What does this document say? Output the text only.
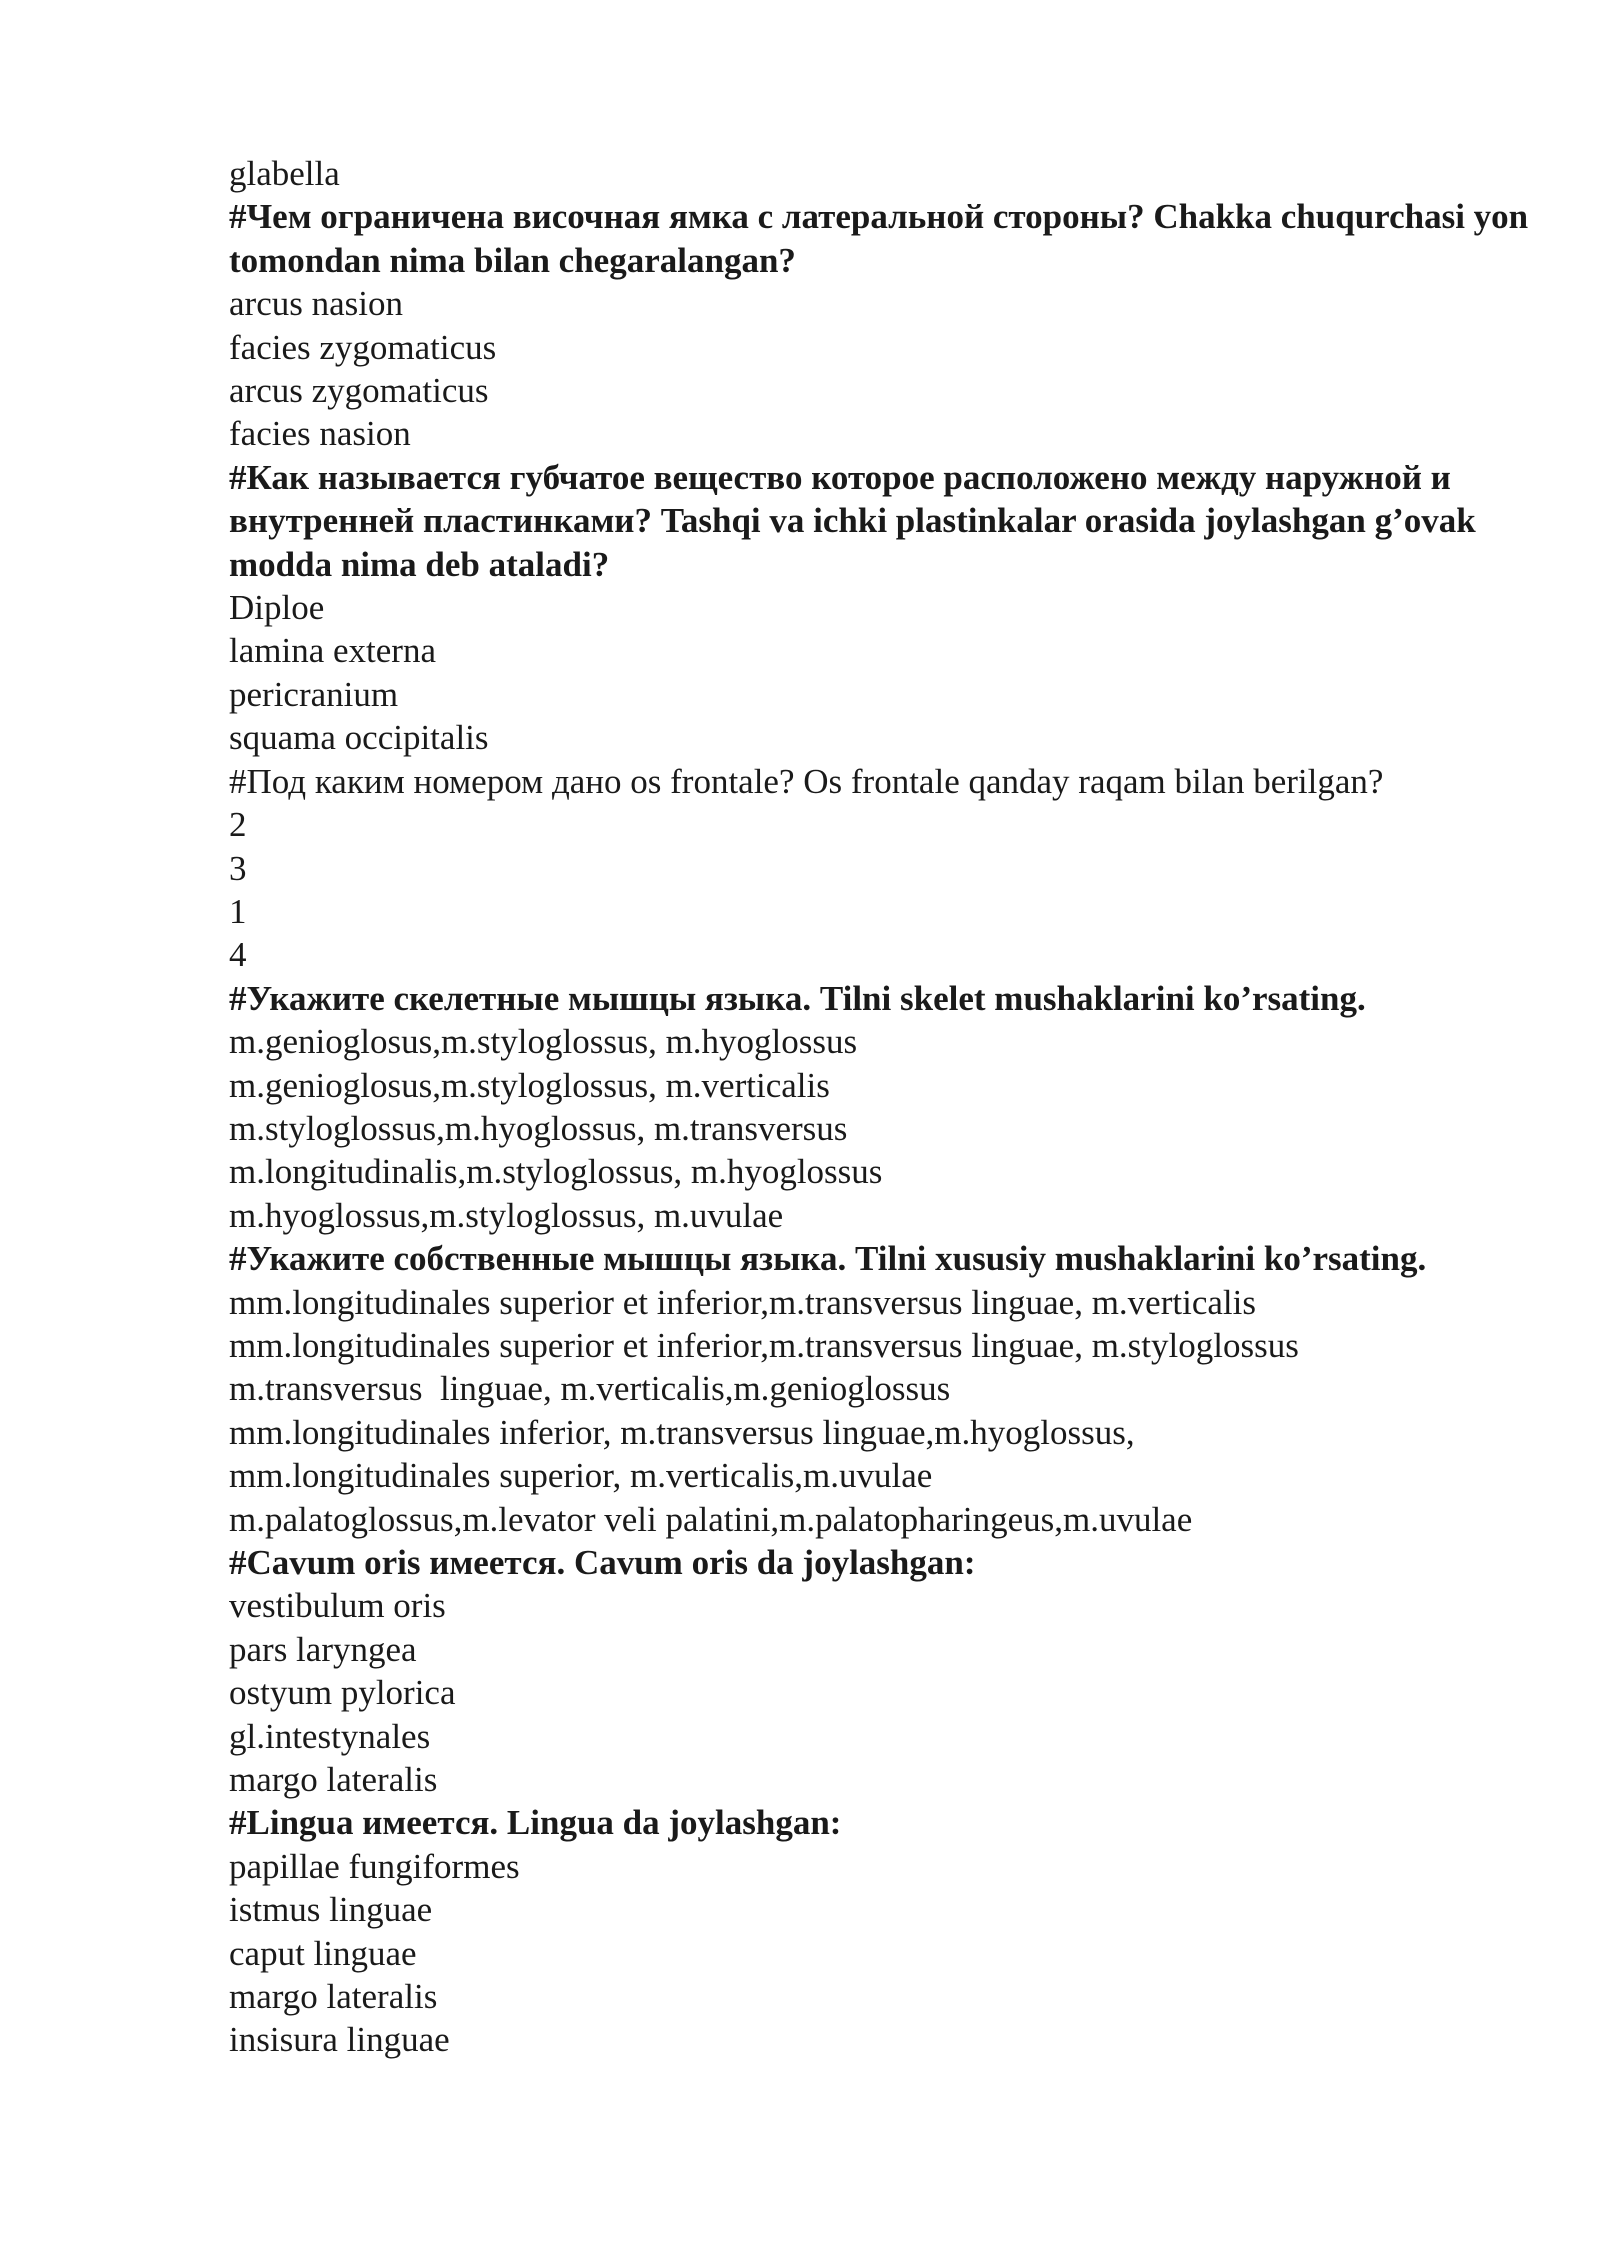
glabella
#Чем ограничена височная ямка с латеральной стороны? Chakka chuqurchasi yon tomondan nima bilan chegaralangan?
arcus nasion
facies zygomaticus
arcus zygomaticus
facies nasion
#Как называется губчатое вещество которое расположено между наружной и внутренней пластинками? Tashqi va ichki plastinkalar orasida joylashgan g’ovak modda nima deb ataladi?
Diploe
lamina externa
pericranium
squama occipitalis
#Под каким номером дано os frontale? Os frontale qanday raqam bilan berilgan?
2
3
1
4
#Укажите скелетные мышцы языка. Tilni skelet mushaklarini ko’rsating.
m.genioglosus,m.styloglossus, m.hyoglossus
m.genioglosus,m.styloglossus, m.verticalis
m.styloglossus,m.hyoglossus, m.transversus
m.longitudinalis,m.styloglossus, m.hyoglossus
m.hyoglossus,m.styloglossus, m.uvulae
#Укажите собственные мышцы языка. Tilni xususiy mushaklarini ko’rsating.
mm.longitudinales superior et inferior,m.transversus linguae, m.verticalis
mm.longitudinales superior et inferior,m.transversus linguae, m.styloglossus
m.transversus  linguae, m.verticalis,m.genioglossus
mm.longitudinales inferior, m.transversus linguae,m.hyoglossus,
mm.longitudinales superior, m.verticalis,m.uvulae
m.palatoglossus,m.levator veli palatini,m.palatopharingeus,m.uvulae
#Cavum oris имеется. Cavum oris da joylashgan:
vestibulum oris
pars laryngea
ostyum pylorica
gl.intestynales
margo lateralis
#Lingua имеется. Lingua da joylashgan:
papillae fungiformes
istmus linguae
caput linguae
margo lateralis
insisura linguae
